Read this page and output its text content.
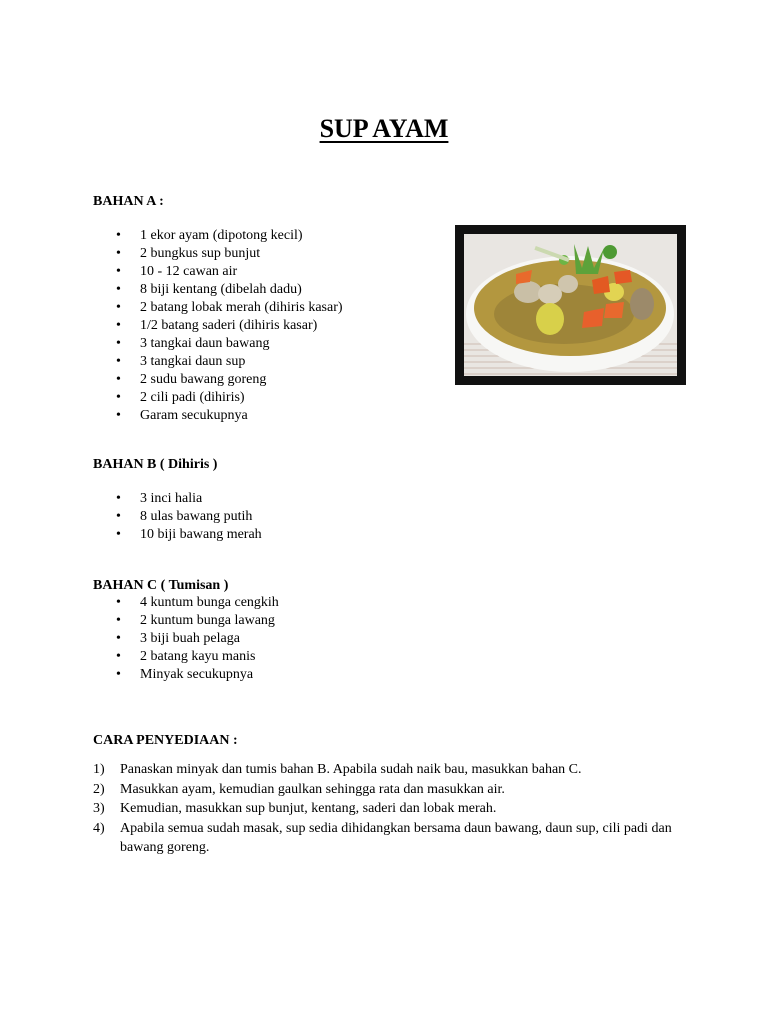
SUP AYAM
BAHAN A :
• 1 ekor ayam (dipotong kecil)
• 2 bungkus sup bunjut
• 10 - 12 cawan air
• 8 biji kentang (dibelah dadu)
• 2 batang lobak merah (dihiris kasar)
• 1/2 batang saderi (dihiris kasar)
• 3 tangkai daun bawang
• 3 tangkai daun sup
• 2 sudu bawang goreng
• 2 cili padi (dihiris)
• Garam secukupnya
BAHAN B ( Dihiris )
• 3 inci halia
• 8 ulas bawang putih
• 10 biji bawang merah
BAHAN C ( Tumisan )
• 4 kuntum bunga cengkih
• 2 kuntum bunga lawang
• 3 biji buah pelaga
• 2 batang kayu manis
• Minyak secukupnya
CARA PENYEDIAAN :
1) Panaskan minyak dan tumis bahan B. Apabila sudah naik bau, masukkan bahan C.
2) Masukkan ayam, kemudian gaulkan sehingga rata dan masukkan air.
3) Kemudian, masukkan sup bunjut, kentang, saderi dan lobak merah.
4) Apabila semua sudah masak, sup sedia dihidangkan bersama daun bawang, daun sup, cili padi dan bawang goreng.
